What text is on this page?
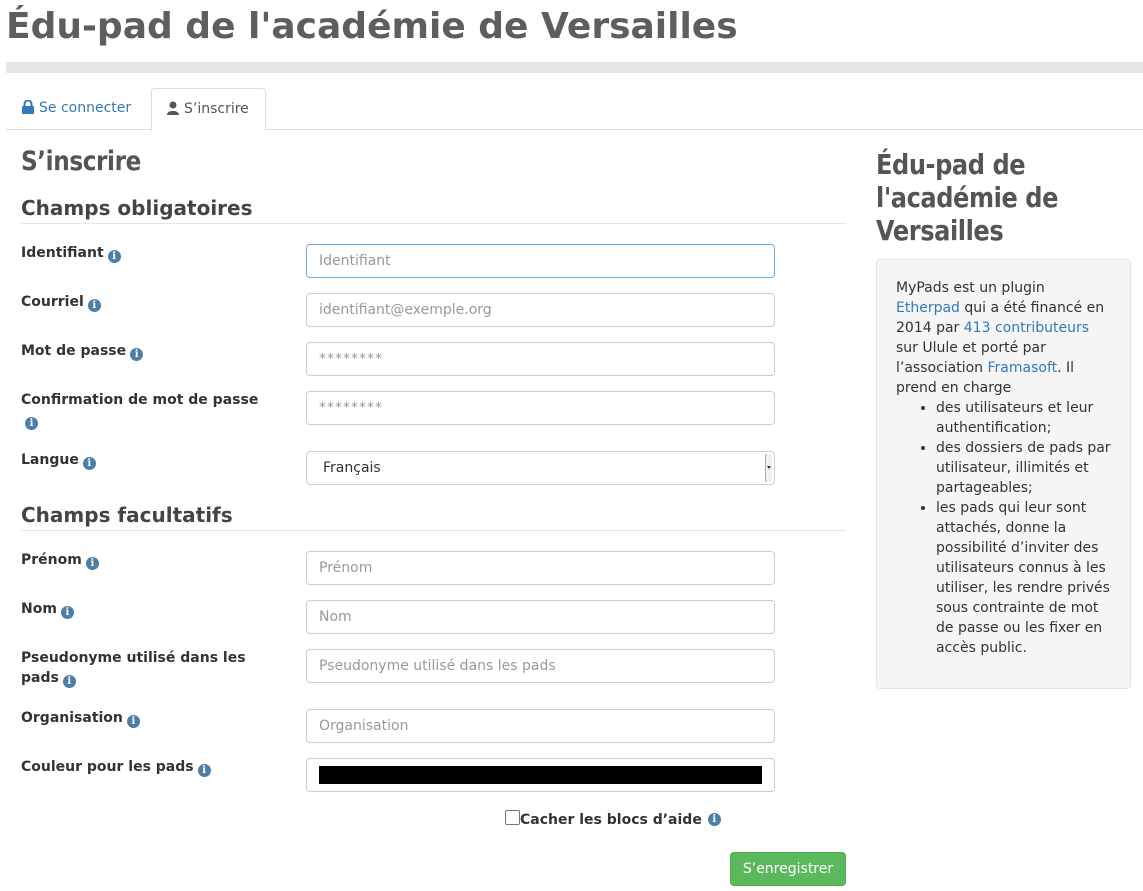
Édu-pad de l'académie de Versailles
Se connecter	S’inscrire
S’inscrire
Champs obligatoires
Identifiant i
Identifiant
Courriel i
identifiant@exemple.org
Mot de passe i
********
Confirmation de mot de passei
********
Langue i	Français
Champs facultatifs
Prénom i
Prénom
Nom i
Nom
Pseudonyme utilisé dans les pads i
Pseudonyme utilisé dans les pads
Organisation i
Organisation
Couleur pour les pads i
Cacher les blocs d’aide i
S’enregistrer
Édu-pad de l'académie de Versailles

MyPads est un plugin Etherpad qui a été financé en 2014 par 413 contributeurs sur Ulule et porté par l’association Framasoft. Il prend en charge

• des utilisateurs et leur authentification;
• des dossiers de pads par utilisateur, illimités et partageables;
• les pads qui leur sont attachés, donne la possibilité d’inviter des utilisateurs connus à les utiliser, les rendre privés sous contrainte de mot de passe ou les fixer en accès public.
